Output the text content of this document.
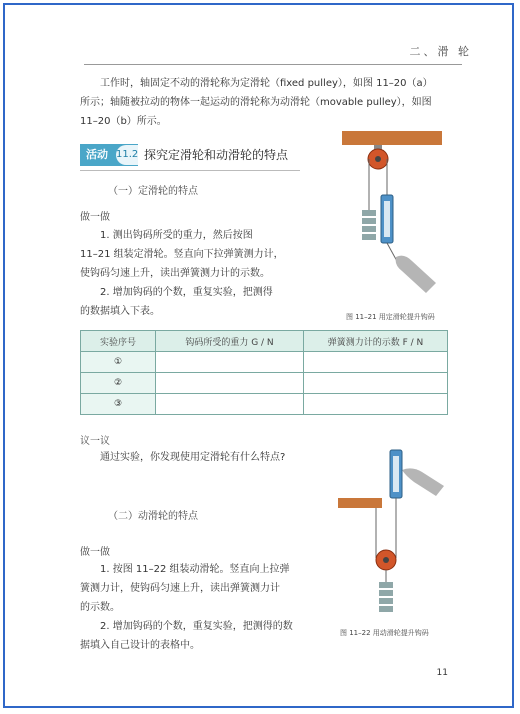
二、滑 轮
工作时，轴固定不动的滑轮称为定滑轮（fixed pulley），如图 11–20（a）
所示；轴随被拉动的物体一起运动的滑轮称为动滑轮（movable pulley），如图
11–20（b）所示。
活动 11.2 探究定滑轮和动滑轮的特点
（一）定滑轮的特点
做一做
1. 测出钩码所受的重力，然后按图
11–21 组装定滑轮。竖直向下拉弹簧测力计，
使钩码匀速上升，读出弹簧测力计的示数。
2. 增加钩码的个数，重复实验，把测得
的数据填入下表。	图 11–21 用定滑轮提升钩码
实验序号	钩码所受的重力 G / N	弹簧测力计的示数 F / N
①		
②		
③		
议一议
通过实验，你发现使用定滑轮有什么特点?
（二）动滑轮的特点
做一做
1. 按图 11–22 组装动滑轮。竖直向上拉弹
簧测力计，使钩码匀速上升，读出弹簧测力计
的示数。
2. 增加钩码的个数，重复实验，把测得的数
据填入自己设计的表格中。
图 11–22 用动滑轮提升钩码
11
